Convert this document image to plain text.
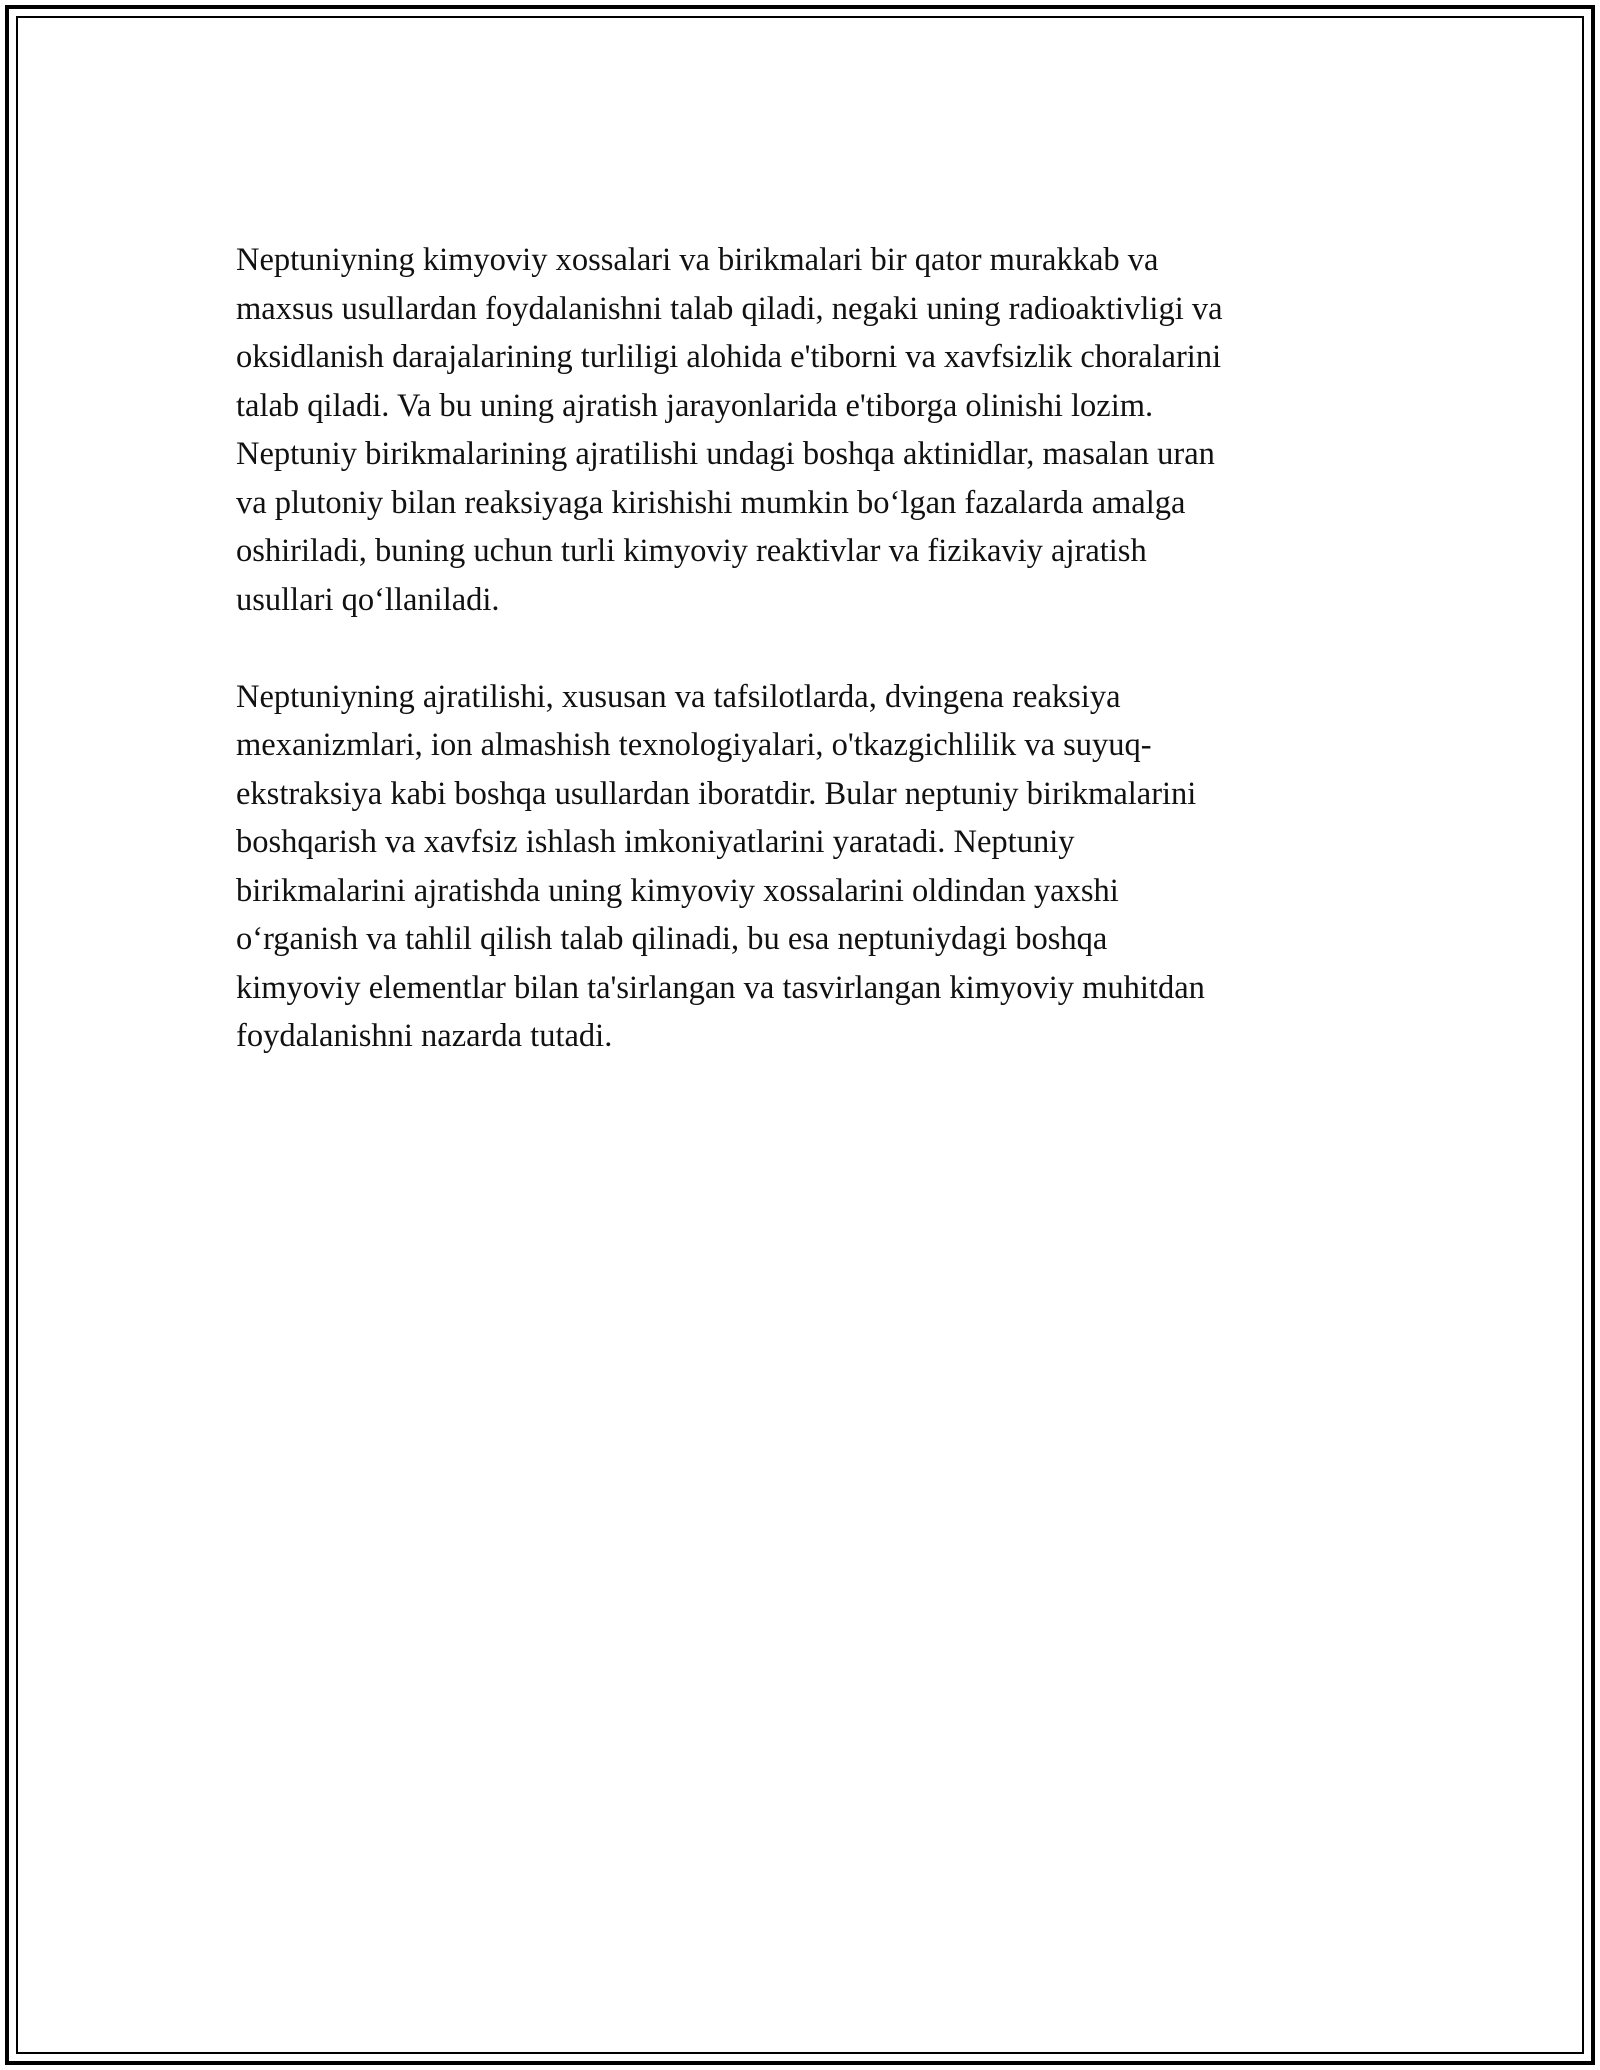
Neptuniyning kimyoviy xossalari va birikmalari bir qator murakkab va
maxsus usullardan foydalanishni talab qiladi, negaki uning radioaktivligi va
oksidlanish darajalarining turliligi alohida e'tiborni va xavfsizlik choralarini
talab qiladi. Va bu uning ajratish jarayonlarida e'tiborga olinishi lozim.
Neptuniy birikmalarining ajratilishi undagi boshqa aktinidlar, masalan uran
va plutoniy bilan reaksiyaga kirishishi mumkin bo‘lgan fazalarda amalga
oshiriladi, buning uchun turli kimyoviy reaktivlar va fizikaviy ajratish
usullari qo‘llaniladi.

Neptuniyning ajratilishi, xususan va tafsilotlarda, dvingena reaksiya
mexanizmlari, ion almashish texnologiyalari, o'tkazgichlilik va suyuq-
ekstraksiya kabi boshqa usullardan iboratdir. Bular neptuniy birikmalarini
boshqarish va xavfsiz ishlash imkoniyatlarini yaratadi. Neptuniy
birikmalarini ajratishda uning kimyoviy xossalarini oldindan yaxshi
o‘rganish va tahlil qilish talab qilinadi, bu esa neptuniydagi boshqa
kimyoviy elementlar bilan ta'sirlangan va tasvirlangan kimyoviy muhitdan
foydalanishni nazarda tutadi.
